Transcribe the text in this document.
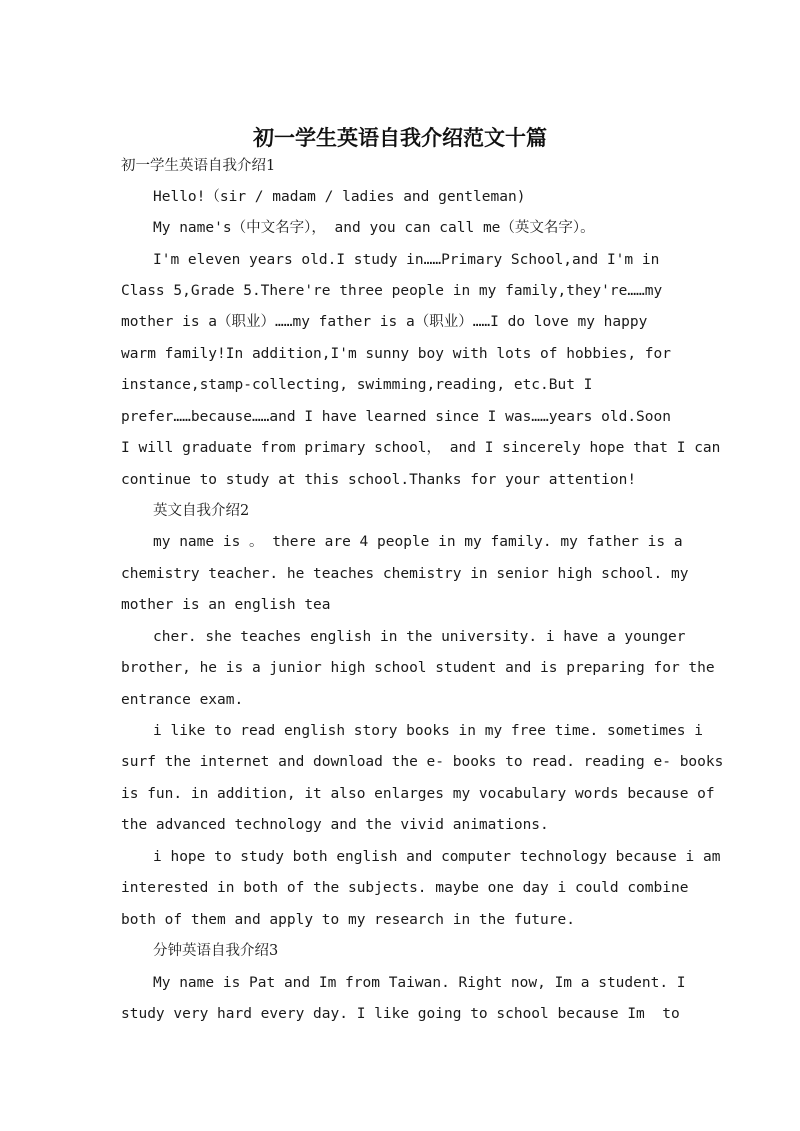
初一学生英语自我介绍范文十篇
初一学生英语自我介绍1
Hello!（sir / madam / ladies and gentleman)
My name's（中文名字）， and you can call me（英文名字）。
I'm eleven years old.I study in……Primary School,and I'm in
Class 5,Grade 5.There're three people in my family,they're……my
mother is a（职业）……my father is a（职业）……I do love my happy
warm family!In addition,I'm sunny boy with lots of hobbies, for
instance,stamp-collecting, swimming,reading, etc.But I
prefer……because……and I have learned since I was……years old.Soon
I will graduate from primary school， and I sincerely hope that I can
continue to study at this school.Thanks for your attention!
英文自我介绍2
my name is 。 there are 4 people in my family. my father is a
chemistry teacher. he teaches chemistry in senior high school. my
mother is an english tea
cher. she teaches english in the university. i have a younger
brother, he is a junior high school student and is preparing for the
entrance exam.
i like to read english story books in my free time. sometimes i
surf the internet and download the e- books to read. reading e- books
is fun. in addition, it also enlarges my vocabulary words because of
the advanced technology and the vivid animations.
i hope to study both english and computer technology because i am
interested in both of the subjects. maybe one day i could combine
both of them and apply to my research in the future.
分钟英语自我介绍3
My name is Pat and Im from Taiwan. Right now, Im a student. I
study very hard every day. I like going to school because Im  to
